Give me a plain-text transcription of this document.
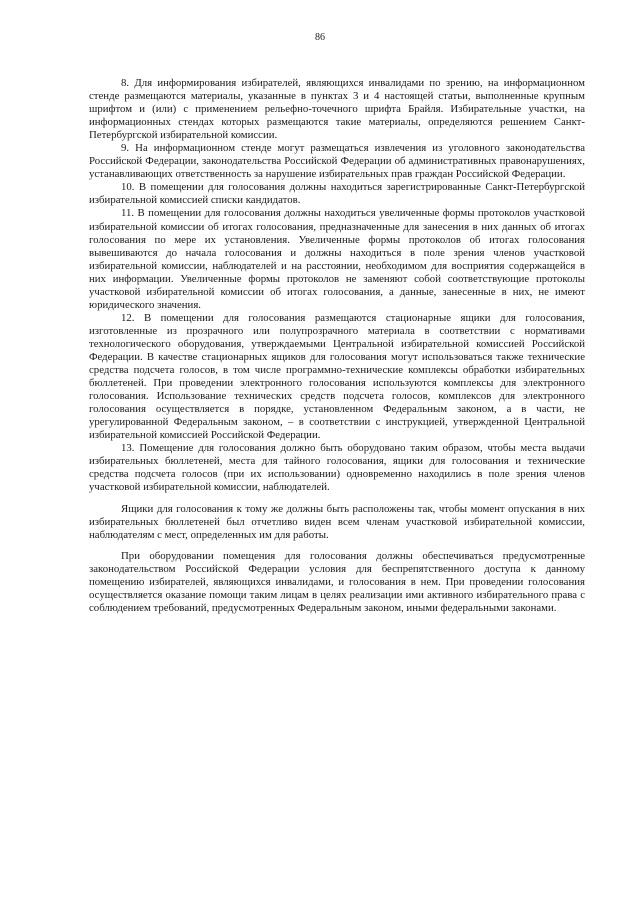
86

8. Для информирования избирателей, являющихся инвалидами по зрению, на информационном стенде размещаются материалы, указанные в пунктах 3 и 4 настоящей статьи, выполненные крупным шрифтом и (или) с применением рельефно-точечного шрифта Брайля. Избирательные участки, на информационных стендах которых размещаются такие материалы, определяются решением Санкт-Петербургской избирательной комиссии.

9. На информационном стенде могут размещаться извлечения из уголовного законодательства Российской Федерации, законодательства Российской Федерации об административных правонарушениях, устанавливающих ответственность за нарушение избирательных прав граждан Российской Федерации.

10. В помещении для голосования должны находиться зарегистрированные Санкт-Петербургской избирательной комиссией списки кандидатов.

11. В помещении для голосования должны находиться увеличенные формы протоколов участковой избирательной комиссии об итогах голосования, предназначенные для занесения в них данных об итогах голосования по мере их установления. Увеличенные формы протоколов об итогах голосования вывешиваются до начала голосования и должны находиться в поле зрения членов участковой избирательной комиссии, наблюдателей и на расстоянии, необходимом для восприятия содержащейся в них информации. Увеличенные формы протоколов не заменяют собой соответствующие протоколы участковой избирательной комиссии об итогах голосования, а данные, занесенные в них, не имеют юридического значения.

12. В помещении для голосования размещаются стационарные ящики для голосования, изготовленные из прозрачного или полупрозрачного материала в соответствии с нормативами технологического оборудования, утверждаемыми Центральной избирательной комиссией Российской Федерации. В качестве стационарных ящиков для голосования могут использоваться также технические средства подсчета голосов, в том числе программно-технические комплексы обработки избирательных бюллетеней. При проведении электронного голосования используются комплексы для электронного голосования. Использование технических средств подсчета голосов, комплексов для электронного голосования осуществляется в порядке, установленном Федеральным законом, а в части, не урегулированной Федеральным законом, – в соответствии с инструкцией, утвержденной Центральной избирательной комиссией Российской Федерации.

13. Помещение для голосования должно быть оборудовано таким образом, чтобы места выдачи избирательных бюллетеней, места для тайного голосования, ящики для голосования и технические средства подсчета голосов (при их использовании) одновременно находились в поле зрения членов участковой избирательной комиссии, наблюдателей.

Ящики для голосования к тому же должны быть расположены так, чтобы момент опускания в них избирательных бюллетеней был отчетливо виден всем членам участковой избирательной комиссии, наблюдателям с мест, определенных им для работы.

При оборудовании помещения для голосования должны обеспечиваться предусмотренные законодательством Российской Федерации условия для беспрепятственного доступа к данному помещению избирателей, являющихся инвалидами, и голосования в нем. При проведении голосования осуществляется оказание помощи таким лицам в целях реализации ими активного избирательного права с соблюдением требований, предусмотренных Федеральным законом, иными федеральными законами.
